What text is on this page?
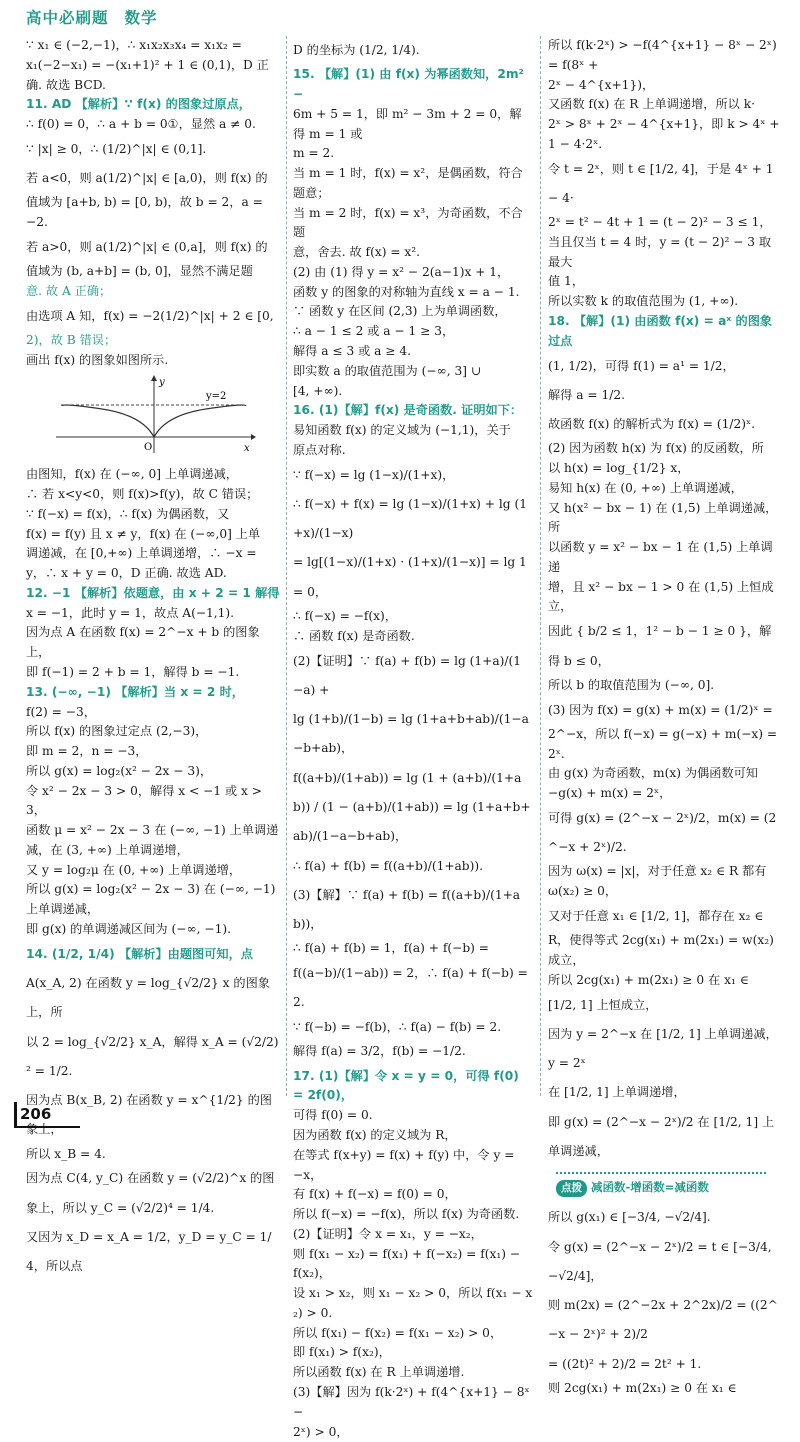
高中必刷题 数学

∵ x₁ ∈ (−2,−1)，∴ x₁x₂x₃x₄ = x₁x₂ =

x₁(−2−x₁) = −(x₁+1)² + 1 ∈ (0,1)，D 正

确. 故选 BCD.

11. AD 【解析】∵ f(x) 的图象过原点，

∴ f(0) = 0，∴ a + b = 0①，显然 a ≠ 0.

∵ |x| ≥ 0，∴ (1/2)^|x| ∈ (0,1].

若 a<0，则 a(1/2)^|x| ∈ [a,0)，则 f(x) 的

值域为 [a+b, b) = [0, b)，故 b = 2，a = −2.

若 a>0，则 a(1/2)^|x| ∈ (0,a]，则 f(x) 的

值域为 (b, a+b] = (b, 0]，显然不满足题

意. 故 A 正确；

由选项 A 知，f(x) = −2(1/2)^|x| + 2 ∈ [0,

2)，故 B 错误；

画出 f(x) 的图象如图所示.

y=2
O	x
y

由图知，f(x) 在 (−∞, 0] 上单调递减，

∴ 若 x<y<0，则 f(x)>f(y)，故 C 错误；

∵ f(−x) = f(x)，∴ f(x) 为偶函数，又

f(x) = f(y) 且 x ≠ y，f(x) 在 (−∞,0] 上单

调递减，在 [0,+∞) 上单调递增，∴ −x =

y，∴ x + y = 0，D 正确. 故选 AD.

12. −1 【解析】依题意，由 x + 2 = 1 解得

x = −1，此时 y = 1，故点 A(−1,1).

因为点 A 在函数 f(x) = 2^−x + b 的图象上，

即 f(−1) = 2 + b = 1，解得 b = −1.

13. (−∞, −1) 【解析】当 x = 2 时，

f(2) = −3，

所以 f(x) 的图象过定点 (2,−3)，

即 m = 2，n = −3，

所以 g(x) = log₂(x² − 2x − 3)，

令 x² − 2x − 3 > 0，解得 x < −1 或 x > 3，

函数 μ = x² − 2x − 3 在 (−∞, −1) 上单调递

减，在 (3, +∞) 上单调递增，

又 y = log₂μ 在 (0, +∞) 上单调递增，

所以 g(x) = log₂(x² − 2x − 3) 在 (−∞, −1)

上单调递减，

即 g(x) 的单调递减区间为 (−∞, −1).

14. (1/2, 1/4) 【解析】由题图可知，点

A(x_A, 2) 在函数 y = log_{√2/2} x 的图象上，所

以 2 = log_{√2/2} x_A，解得 x_A = (√2/2)² = 1/2.

因为点 B(x_B, 2) 在函数 y = x^{1/2} 的图象上，

所以 x_B = 4.

因为点 C(4, y_C) 在函数 y = (√2/2)^x 的图

象上，所以 y_C = (√2/2)⁴ = 1/4.

又因为 x_D = x_A = 1/2，y_D = y_C = 1/4，所以点

D 的坐标为 (1/2, 1/4).

15. 【解】(1) 由 f(x) 为幂函数知，2m² −

6m + 5 = 1，即 m² − 3m + 2 = 0，解得 m = 1 或

m = 2.

当 m = 1 时，f(x) = x²，是偶函数，符合

题意；

当 m = 2 时，f(x) = x³，为奇函数，不合题

意，舍去. 故 f(x) = x².

(2) 由 (1) 得 y = x² − 2(a−1)x + 1，

函数 y 的图象的对称轴为直线 x = a − 1.

∵ 函数 y 在区间 (2,3) 上为单调函数，

∴ a − 1 ≤ 2 或 a − 1 ≥ 3，

解得 a ≤ 3 或 a ≥ 4.

即实数 a 的取值范围为 (−∞, 3] ∪

[4, +∞).

16. (1)【解】f(x) 是奇函数. 证明如下：

易知函数 f(x) 的定义域为 (−1,1)，关于

原点对称.

∵ f(−x) = lg (1−x)/(1+x)，

∴ f(−x) + f(x) = lg (1−x)/(1+x) + lg (1+x)/(1−x)

= lg[(1−x)/(1+x) · (1+x)/(1−x)] = lg 1 = 0，

∴ f(−x) = −f(x)，

∴ 函数 f(x) 是奇函数.

(2)【证明】∵ f(a) + f(b) = lg (1+a)/(1−a) +

lg (1+b)/(1−b) = lg (1+a+b+ab)/(1−a−b+ab)，

f((a+b)/(1+ab)) = lg (1 + (a+b)/(1+ab)) / (1 − (a+b)/(1+ab)) = lg (1+a+b+ab)/(1−a−b+ab)，

∴ f(a) + f(b) = f((a+b)/(1+ab)).

(3)【解】∵ f(a) + f(b) = f((a+b)/(1+ab))，

∴ f(a) + f(b) = 1，f(a) + f(−b) =

f((a−b)/(1−ab)) = 2，∴ f(a) + f(−b) = 2.

∵ f(−b) = −f(b)，∴ f(a) − f(b) = 2.

解得 f(a) = 3/2，f(b) = −1/2.

17. (1)【解】令 x = y = 0，可得 f(0) = 2f(0)，

可得 f(0) = 0.

因为函数 f(x) 的定义域为 R，

在等式 f(x+y) = f(x) + f(y) 中，令 y = −x，

有 f(x) + f(−x) = f(0) = 0，

所以 f(−x) = −f(x)，所以 f(x) 为奇函数.

(2)【证明】令 x = x₁，y = −x₂，

则 f(x₁ − x₂) = f(x₁) + f(−x₂) = f(x₁) −

f(x₂)，

设 x₁ > x₂，则 x₁ − x₂ > 0，所以 f(x₁ − x₂) > 0.

所以 f(x₁) − f(x₂) = f(x₁ − x₂) > 0，

即 f(x₁) > f(x₂)，

所以函数 f(x) 在 R 上单调递增.

(3)【解】因为 f(k·2ˣ) + f(4^{x+1} − 8ˣ −

2ˣ) > 0，

所以 f(k·2ˣ) > −f(4^{x+1} − 8ˣ − 2ˣ) = f(8ˣ +

2ˣ − 4^{x+1})，

又函数 f(x) 在 R 上单调递增，所以 k·

2ˣ > 8ˣ + 2ˣ − 4^{x+1}，即 k > 4ˣ + 1 − 4·2ˣ.

令 t = 2ˣ，则 t ∈ [1/2, 4]，于是 4ˣ + 1 − 4·

2ˣ = t² − 4t + 1 = (t − 2)² − 3 ≤ 1，

当且仅当 t = 4 时，y = (t − 2)² − 3 取最大

值 1，

所以实数 k 的取值范围为 (1, +∞).

18. 【解】(1) 由函数 f(x) = aˣ 的图象过点

(1, 1/2)，可得 f(1) = a¹ = 1/2，

解得 a = 1/2.

故函数 f(x) 的解析式为 f(x) = (1/2)ˣ.

(2) 因为函数 h(x) 为 f(x) 的反函数，所

以 h(x) = log_{1/2} x，

易知 h(x) 在 (0, +∞) 上单调递减，

又 h(x² − bx − 1) 在 (1,5) 上单调递减，所

以函数 y = x² − bx − 1 在 (1,5) 上单调递

增，且 x² − bx − 1 > 0 在 (1,5) 上恒成立，

因此 { b/2 ≤ 1，1² − b − 1 ≥ 0 }，解得 b ≤ 0，

所以 b 的取值范围为 (−∞, 0].

(3) 因为 f(x) = g(x) + m(x) = (1/2)ˣ =

2^−x，所以 f(−x) = g(−x) + m(−x) = 2ˣ.

由 g(x) 为奇函数，m(x) 为偶函数可知

−g(x) + m(x) = 2ˣ，

可得 g(x) = (2^−x − 2ˣ)/2，m(x) = (2^−x + 2ˣ)/2.

因为 ω(x) = |x|，对于任意 x₂ ∈ R 都有

ω(x₂) ≥ 0，

又对于任意 x₁ ∈ [1/2, 1]，都存在 x₂ ∈

R，使得等式 2cg(x₁) + m(2x₁) = w(x₂)

成立，

所以 2cg(x₁) + m(2x₁) ≥ 0 在 x₁ ∈

[1/2, 1] 上恒成立，

因为 y = 2^−x 在 [1/2, 1] 上单调递减，y = 2ˣ

在 [1/2, 1] 上单调递增，

即 g(x) = (2^−x − 2ˣ)/2 在 [1/2, 1] 上单调递减，

点拨 减函数-增函数=减函数

所以 g(x₁) ∈ [−3/4, −√2/4].

令 g(x) = (2^−x − 2ˣ)/2 = t ∈ [−3/4, −√2/4]，

则 m(2x) = (2^−2x + 2^2x)/2 = ((2^−x − 2ˣ)² + 2)/2

= ((2t)² + 2)/2 = 2t² + 1.

则 2cg(x₁) + m(2x₁) ≥ 0 在 x₁ ∈

206
